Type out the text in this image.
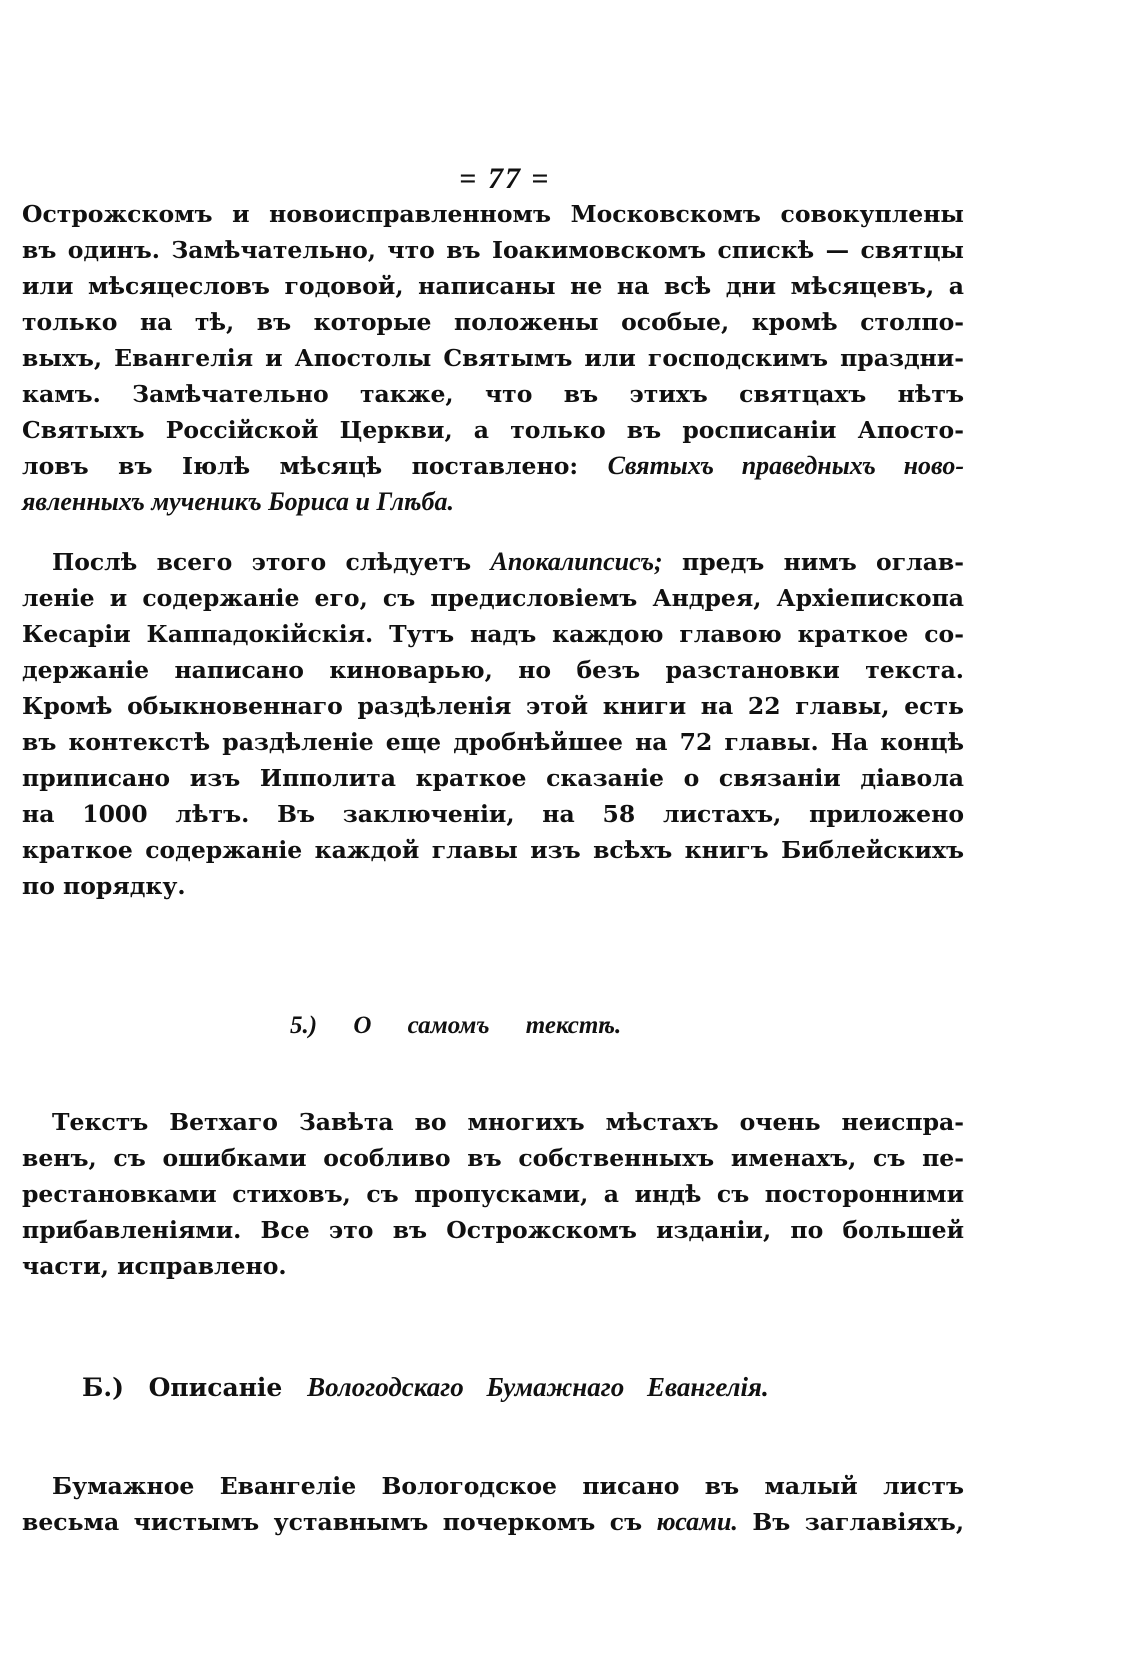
= 77 =
Острожскомъ и новоисправленномъ Московскомъ совокуплены
въ одинъ. Замѣчательно, что въ Іоакимовскомъ спискѣ — святцы
или мѣсяцесловъ годовой, написаны не на всѣ дни мѣсяцевъ, а
только на тѣ, въ которые положены особые, кромѣ столпо-
выхъ, Евангелія и Апостолы Святымъ или господскимъ праздни-
камъ. Замѣчательно также, что въ этихъ святцахъ нѣтъ
Святыхъ Россійской Церкви, а только въ росписаніи Апосто-
ловъ въ Іюлѣ мѣсяцѣ поставлено: Святыхъ праведныхъ ново-
явленныхъ мученикъ Бориса и Глѣба.
Послѣ всего этого слѣдуетъ Апокалипсисъ; предъ нимъ оглав-
леніе и содержаніе его, съ предисловіемъ Андрея, Архіепископа
Кесаріи Каппадокійскія. Тутъ надъ каждою главою краткое со-
держаніе написано киноварью, но безъ разстановки текста.
Кромѣ обыкновеннаго раздѣленія этой книги на 22 главы, есть
въ контекстѣ раздѣленіе еще дробнѣйшее на 72 главы. На концѣ
приписано изъ Ипполита краткое сказаніе о связаніи діавола
на 1000 лѣтъ. Въ заключеніи, на 58 листахъ, приложено
краткое содержаніе каждой главы изъ всѣхъ книгъ Библейскихъ
по порядку.
5.) О самомъ текстѣ.
Текстъ Ветхаго Завѣта во многихъ мѣстахъ очень неиспра-
венъ, съ ошибками особливо въ собственныхъ именахъ, съ пе-
рестановками стиховъ, съ пропусками, а индѣ съ посторонними
прибавленіями. Все это въ Острожскомъ изданіи, по большей
части, исправлено.
Б.) Описаніе Вологодскаго Бумажнаго Евангелія.
Бумажное Евангеліе Вологодское писано въ малый листъ
весьма чистымъ уставнымъ почеркомъ съ юсами. Въ заглавіяхъ,
